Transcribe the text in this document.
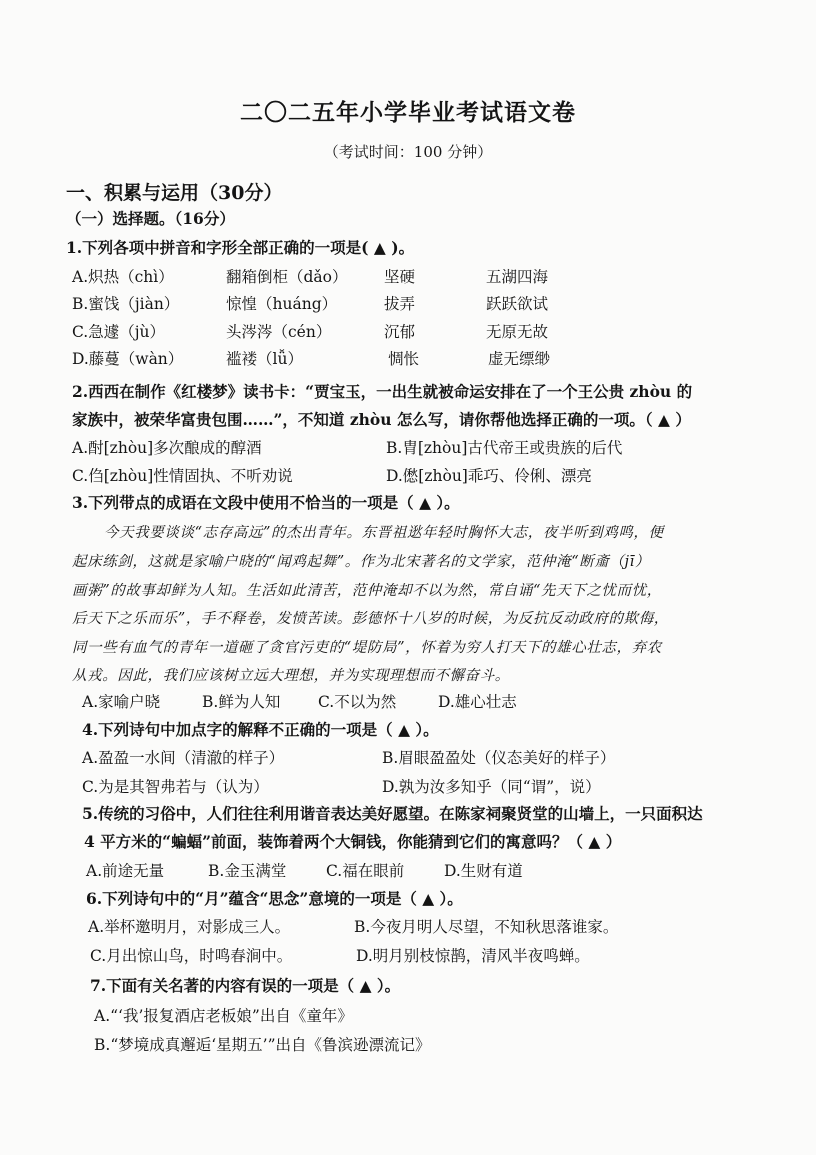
二〇二五年小学毕业考试语文卷
（考试时间：100 分钟）
一、积累与运用（30分）
（一）选择题。（16分）
1.下列各项中拼音和字形全部正确的一项是( ▲ )。
A.炽热（chì）	翻箱倒柜（dǎo） 坚硬	五湖四海
B.蜜饯（jiàn）	惊惶（huáng）	拔弄	跃跃欲试
C.急遽（jù）	头涔涔（cén）	沉郁	无原无故
D.藤蔓（wàn）	褴褛（lǚ）	惆怅	虚无缥缈
2.西西在制作《红楼梦》读书卡：“贾宝玉，一出生就被命运安排在了一个王公贵 zhòu 的
家族中，被荣华富贵包围……”，不知道 zhòu 怎么写，请你帮他选择正确的一项。（ ▲ ）
A.酎[zhòu]多次酿成的醇酒	B.胄[zhòu]古代帝王或贵族的后代
C.㑇[zhòu]性情固执、不听劝说	D.僽[zhòu]乖巧、伶俐、漂亮
3.下列带点的成语在文段中使用不恰当的一项是（ ▲ ）。
今天我要谈谈“志存高远”的杰出青年。东晋祖逖年轻时胸怀大志，夜半听到鸡鸣，便
起床练剑，这就是家喻户晓的“闻鸡起舞”。作为北宋著名的文学家，范仲淹“断齑（jī）
画粥”的故事却鲜为人知。生活如此清苦，范仲淹却不以为然，常自诵“先天下之忧而忧，
后天下之乐而乐”，手不释卷，发愤苦读。彭德怀十八岁的时候，为反抗反动政府的欺侮，
同一些有血气的青年一道砸了贪官污吏的“堤防局”，怀着为穷人打天下的雄心壮志，弃农
从戎。因此，我们应该树立远大理想，并为实现理想而不懈奋斗。
A.家喻户晓	B.鲜为人知 C.不以为然	D.雄心壮志
4.下列诗句中加点字的解释不正确的一项是（ ▲ ）。
A.盈盈一水间（清澈的样子）	B.眉眼盈盈处（仪态美好的样子）
C.为是其智弗若与（认为）	D.孰为汝多知乎（同“谓”，说）
5.传统的习俗中，人们往往利用谐音表达美好愿望。在陈家祠聚贤堂的山墙上，一只面积达
4 平方米的“蝙蝠”前面，装饰着两个大铜钱，你能猜到它们的寓意吗？（ ▲ ）
A.前途无量	B.金玉满堂	C.福在眼前	D.生财有道
6.下列诗句中的“月”蕴含“思念”意境的一项是（ ▲ ）。
A.举杯邀明月，对影成三人。	B.今夜月明人尽望，不知秋思落谁家。
C.月出惊山鸟，时鸣春涧中。	D.明月别枝惊鹊，清风半夜鸣蝉。
7.下面有关名著的内容有误的一项是（ ▲ ）。
A.“‘我’报复酒店老板娘”出自《童年》
B.“梦境成真邂逅‘星期五’”出自《鲁滨逊漂流记》
